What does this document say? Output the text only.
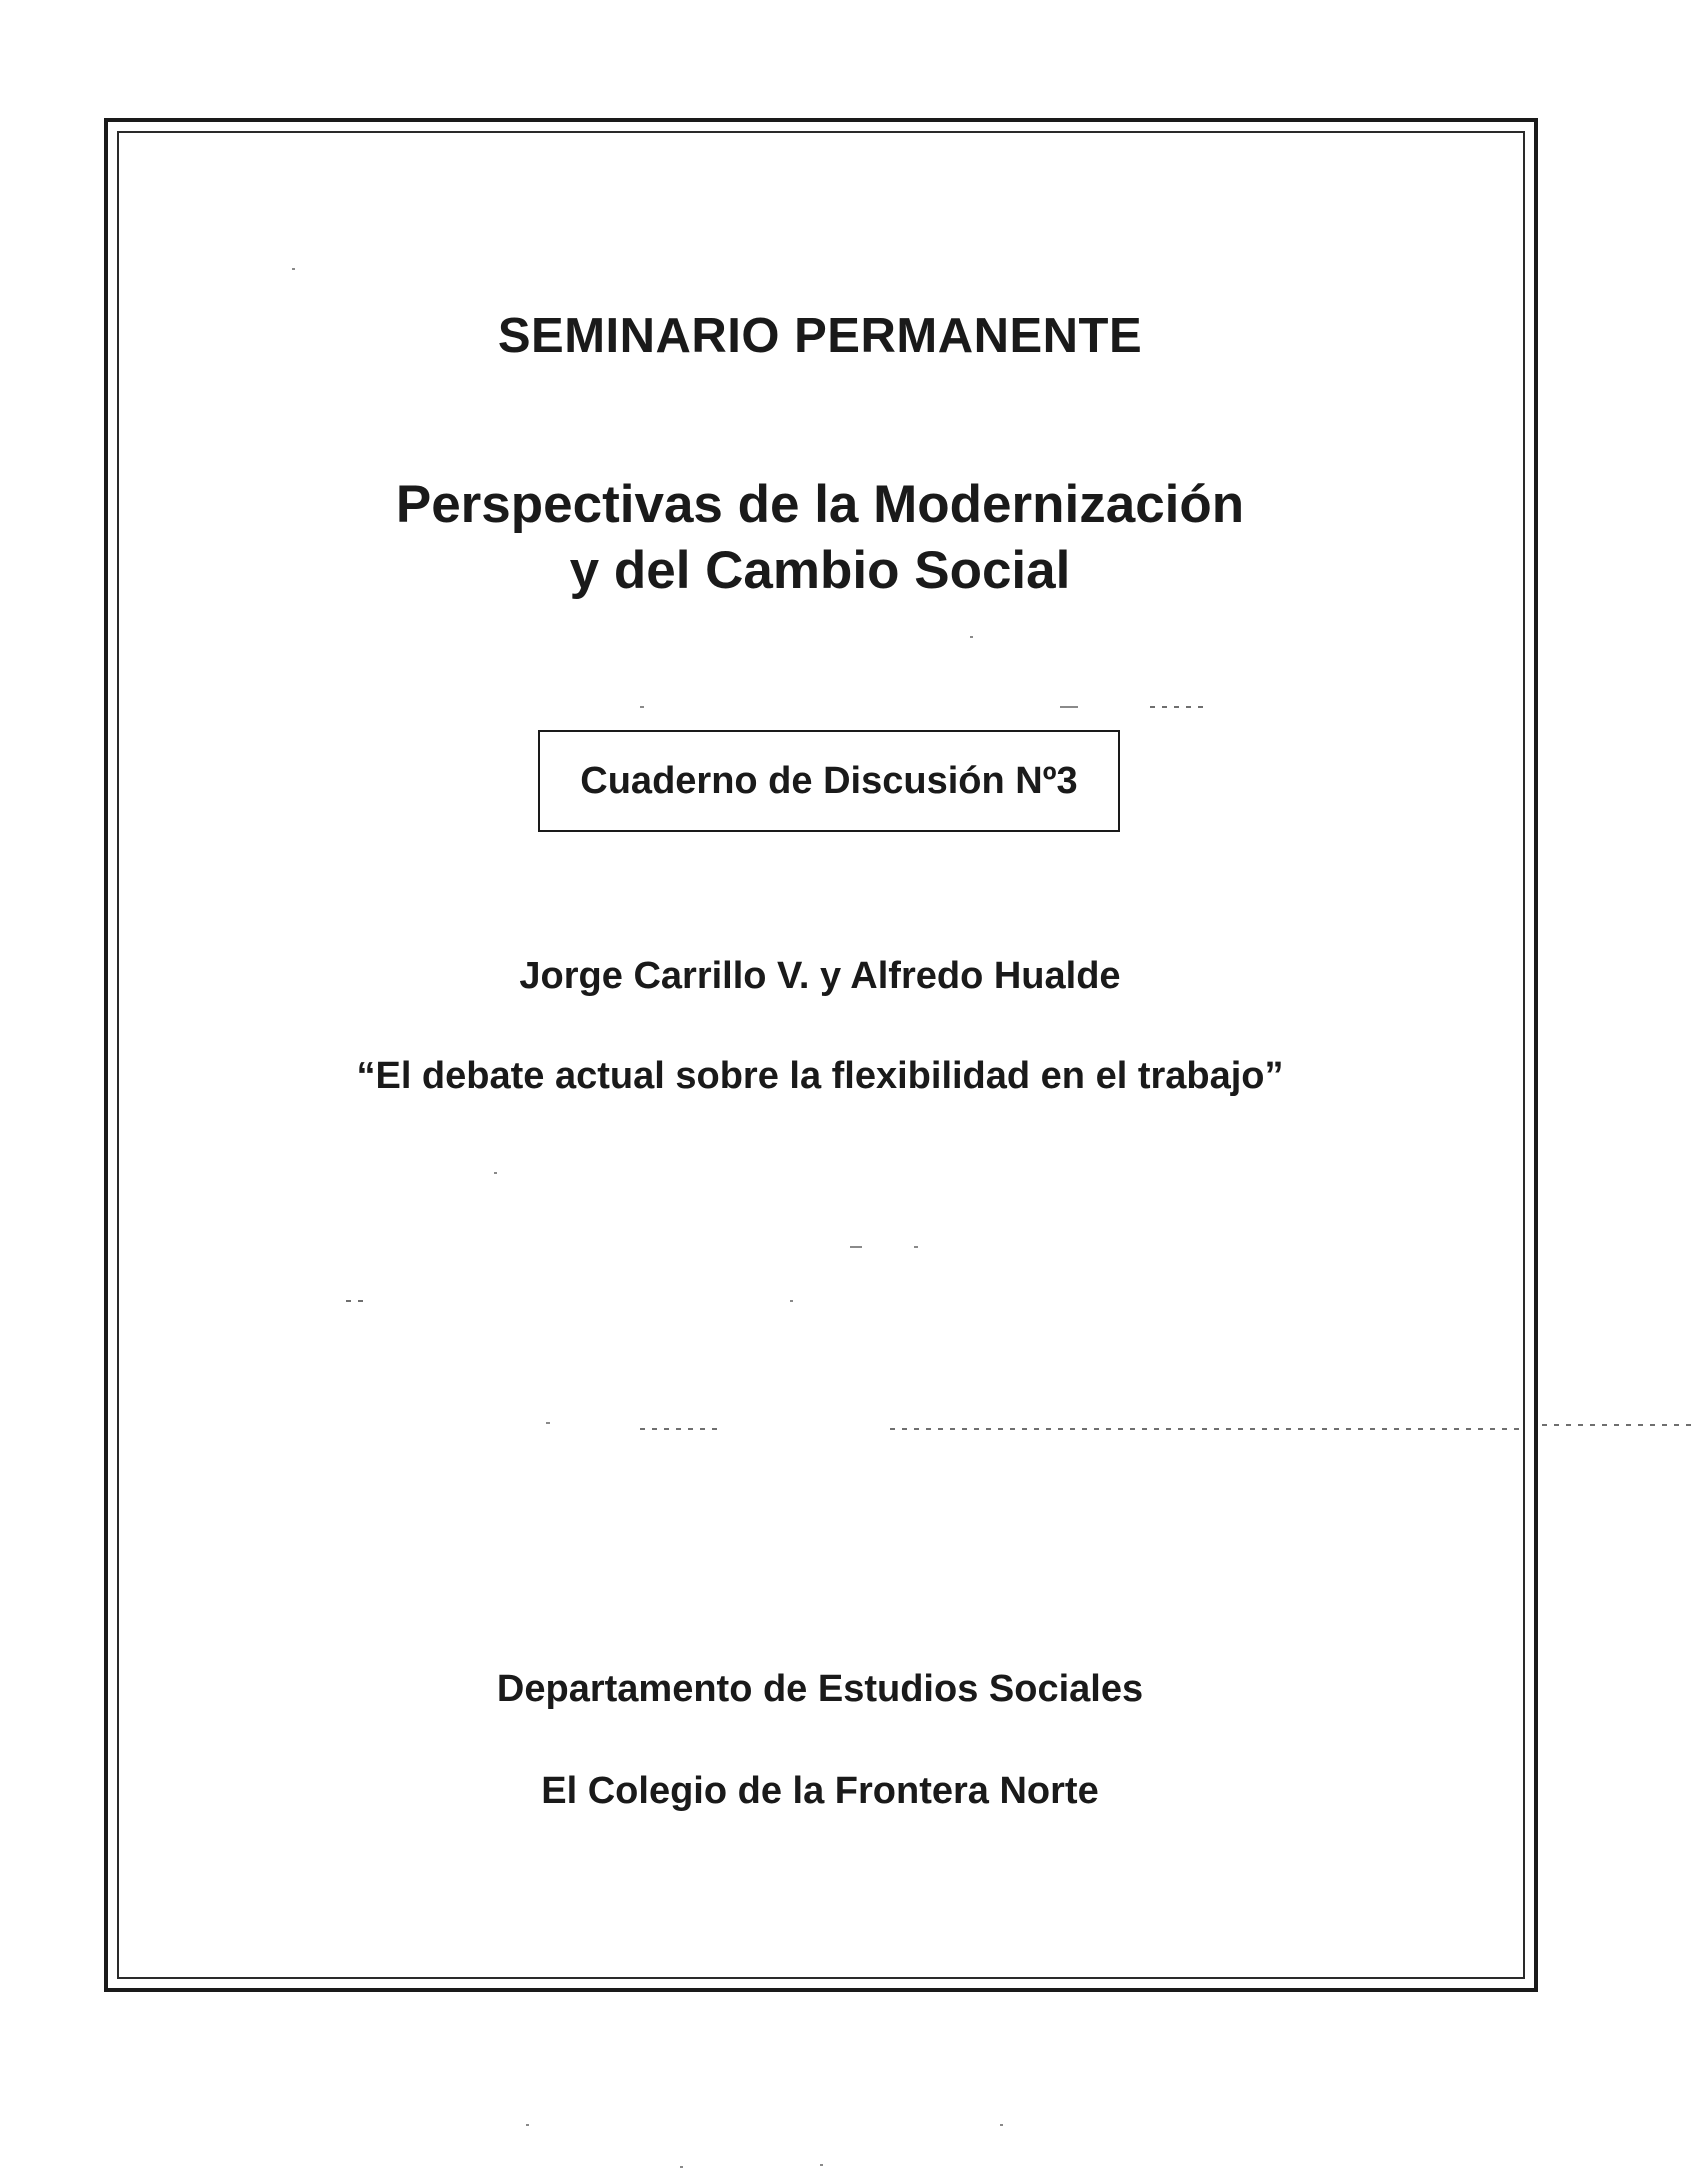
SEMINARIO PERMANENTE
Perspectivas de la Modernización
y del Cambio Social
Cuaderno de Discusión Nº3
Jorge Carrillo V. y Alfredo Hualde
“El debate actual sobre la flexibilidad en el trabajo”
Departamento de Estudios Sociales
El Colegio de la Frontera Norte
